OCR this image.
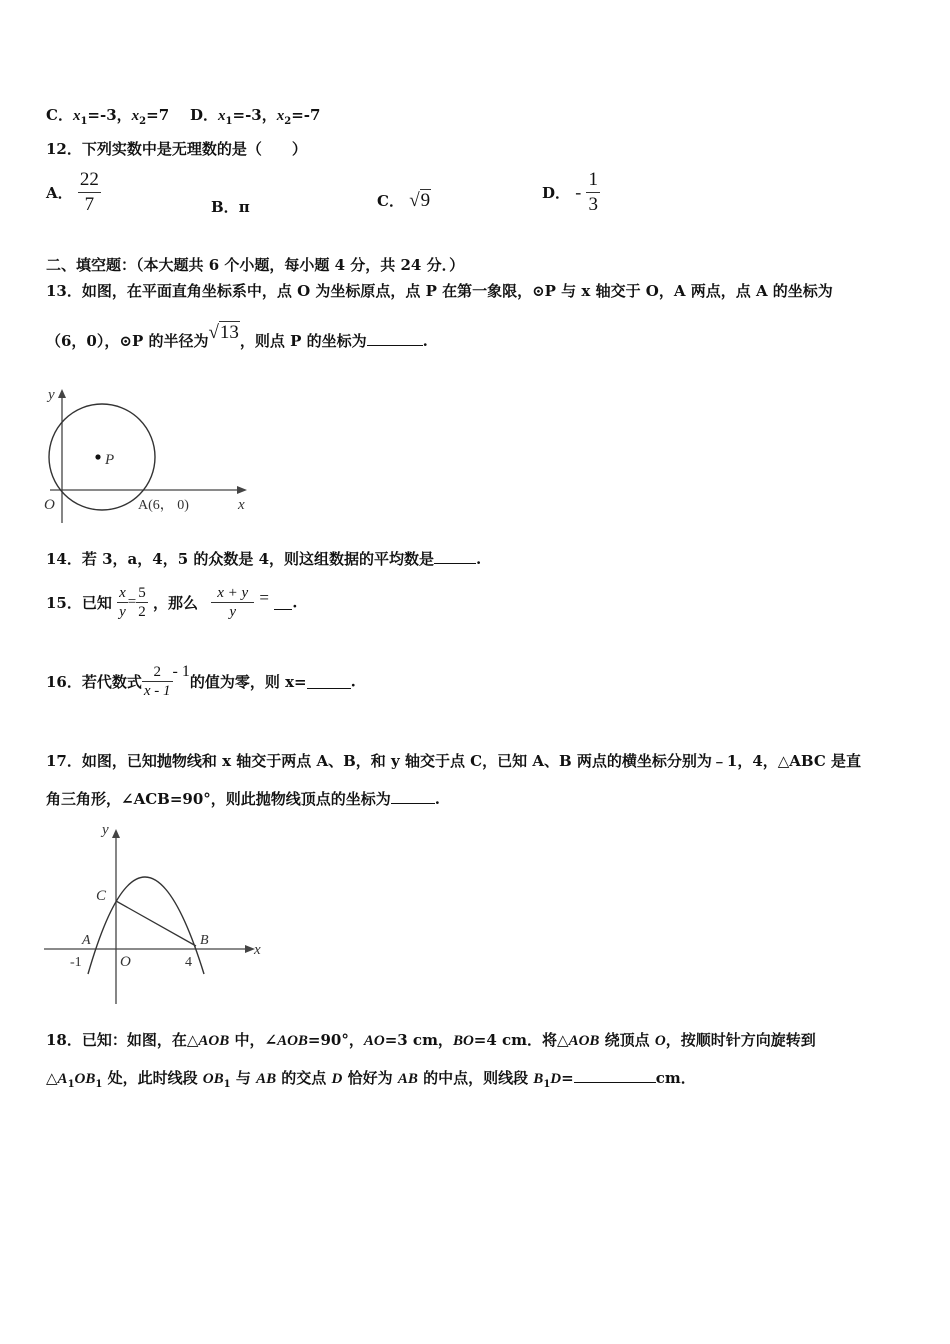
C．$x_1=-3$，$x_2=7$ D．$x_1=-3$，$x_2=-7$
12．下列实数中是无理数的是（　　）
A． $\frac{22}{7}$	B．π	C． √9	D． - $\frac{1}{3}$
二、填空题：（本大题共 6 个小题，每小题 4 分，共 24 分．）
13．如图，在平面直角坐标系中，点 O 为坐标原点，点 P 在第一象限，⊙P 与 x 轴交于 O，A 两点，点 A 的坐标为
（6，0），⊙P 的半径为√13，则点 P 的坐标为	.
y
x
O
P
A(6， 0)
14．若 3，a，4，5 的众数是 4，则这组数据的平均数是	.
15．已知 $\frac{x}{y} = \frac{5}{2}$ ，那么 $\frac{x + y}{y}$ = .
16．若代数式 $\frac{2}{x - 1} - 1$的值为零，则 x=	.
17．如图，已知抛物线和 x 轴交于两点 A、B，和 y 轴交于点 C，已知 A、B 两点的横坐标分别为﹣1，4，△ABC 是直
角三角形，∠ACB=90°，则此抛物线顶点的坐标为	.
y
x
C
A	B
O
-1	4
18．已知：如图，在△AOB 中，∠AOB=90°，AO=3 cm，BO=4 cm．将△AOB 绕顶点 O，按顺时针方向旋转到
$\triangle A_1OB_1$ 处，此时线段 $OB_1$ 与 AB 的交点 D 恰好为 AB 的中点，则线段 $B_1D=$	cm．
